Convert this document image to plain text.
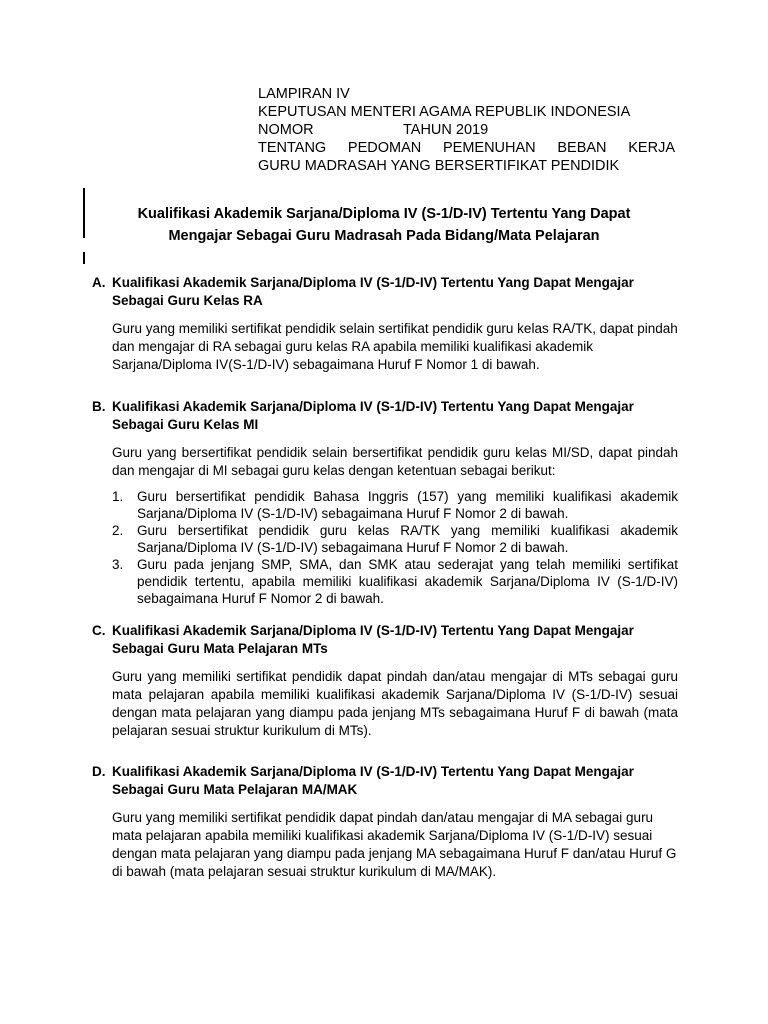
LAMPIRAN IV
KEPUTUSAN MENTERI AGAMA REPUBLIK INDONESIA
NOMOR	TAHUN 2019
TENTANG PEDOMAN PEMENUHAN BEBAN KERJA
GURU MADRASAH YANG BERSERTIFIKAT PENDIDIK
Kualifikasi Akademik Sarjana/Diploma IV (S-1/D-IV) Tertentu Yang Dapat
Mengajar Sebagai Guru Madrasah Pada Bidang/Mata Pelajaran
A. Kualifikasi Akademik Sarjana/Diploma IV (S-1/D-IV) Tertentu Yang Dapat Mengajar Sebagai Guru Kelas RA
Guru yang memiliki sertifikat pendidik selain sertifikat pendidik guru kelas RA/TK, dapat pindah dan mengajar di RA sebagai guru kelas RA apabila memiliki kualifikasi akademik Sarjana/Diploma IV(S-1/D-IV) sebagaimana Huruf F Nomor 1 di bawah.
B. Kualifikasi Akademik Sarjana/Diploma IV (S-1/D-IV) Tertentu Yang Dapat Mengajar Sebagai Guru Kelas MI
Guru yang bersertifikat pendidik selain bersertifikat pendidik guru kelas MI/SD, dapat pindah dan mengajar di MI sebagai guru kelas dengan ketentuan sebagai berikut:
1.	Guru bersertifikat pendidik Bahasa Inggris (157) yang memiliki kualifikasi akademik Sarjana/Diploma IV (S-1/D-IV) sebagaimana Huruf F Nomor 2 di bawah.
2.	Guru bersertifikat pendidik guru kelas RA/TK yang memiliki kualifikasi akademik Sarjana/Diploma IV (S-1/D-IV) sebagaimana Huruf F Nomor 2 di bawah.
3.	Guru pada jenjang SMP, SMA, dan SMK atau sederajat yang telah memiliki sertifikat pendidik tertentu, apabila memiliki kualifikasi akademik Sarjana/Diploma IV (S-1/D-IV) sebagaimana Huruf F Nomor 2 di bawah.
C. Kualifikasi Akademik Sarjana/Diploma IV (S-1/D-IV) Tertentu Yang Dapat Mengajar Sebagai Guru Mata Pelajaran MTs
Guru yang memiliki sertifikat pendidik dapat pindah dan/atau mengajar di MTs sebagai guru mata pelajaran apabila memiliki kualifikasi akademik Sarjana/Diploma IV (S-1/D-IV) sesuai dengan mata pelajaran yang diampu pada jenjang MTs sebagaimana Huruf F di bawah (mata pelajaran sesuai struktur kurikulum di MTs).
D. Kualifikasi Akademik Sarjana/Diploma IV (S-1/D-IV) Tertentu Yang Dapat Mengajar Sebagai Guru Mata Pelajaran MA/MAK
Guru yang memiliki sertifikat pendidik dapat pindah dan/atau mengajar di MA sebagai guru mata pelajaran apabila memiliki kualifikasi akademik Sarjana/Diploma IV (S-1/D-IV) sesuai dengan mata pelajaran yang diampu pada jenjang MA sebagaimana Huruf F dan/atau Huruf G di bawah (mata pelajaran sesuai struktur kurikulum di MA/MAK).
